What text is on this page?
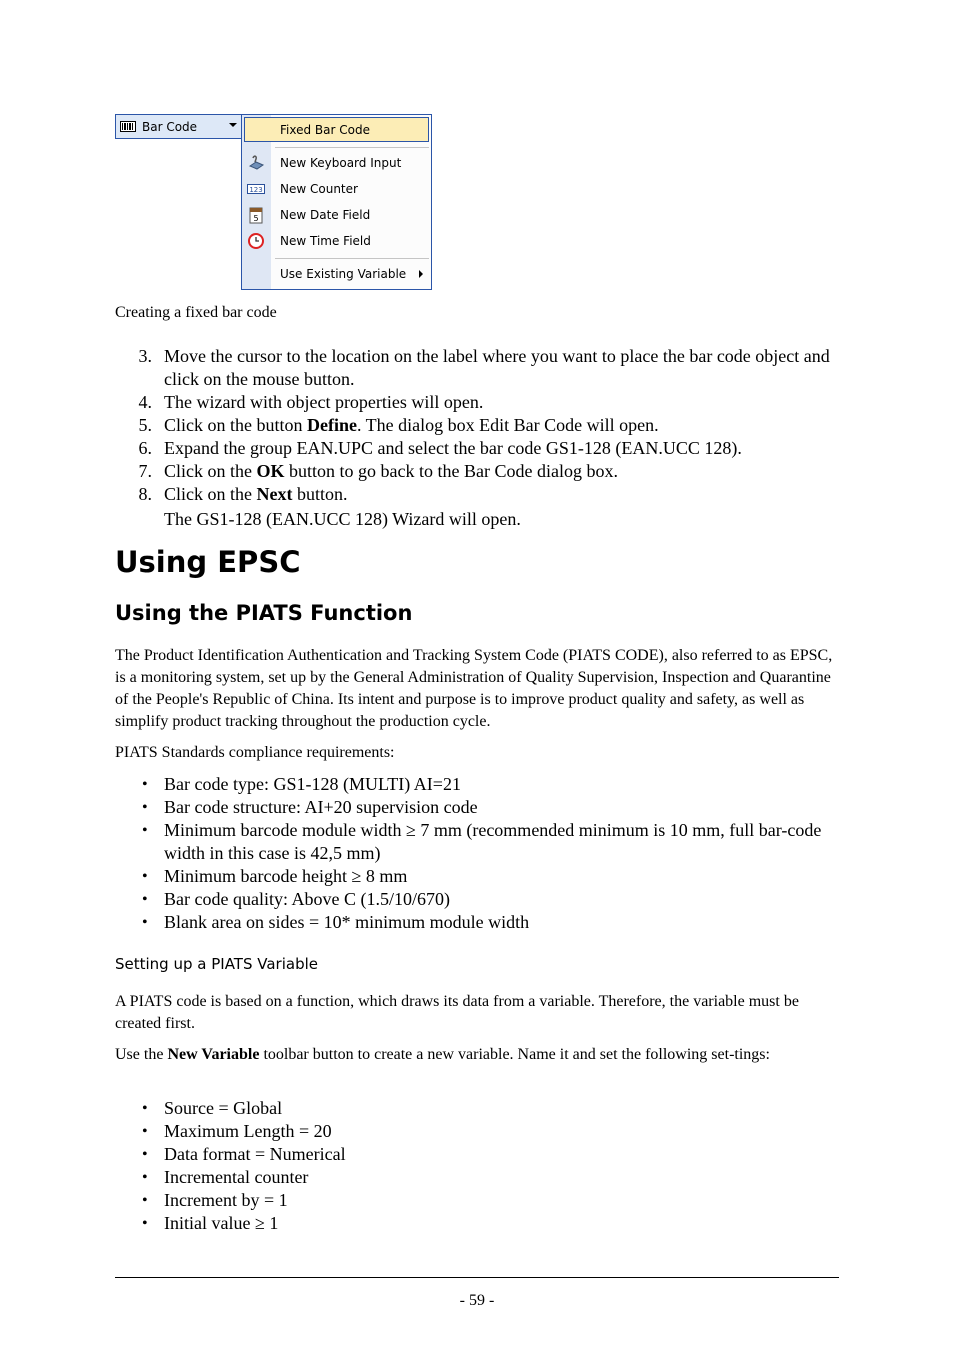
Bar Code	Fixed Bar Code
New Keyboard Input
123 New Counter
5 New Date Field
New Time Field
Use Existing Variable
Creating a fixed bar code
3. Move the cursor to the location on the label where you want to place the bar code object and click on the mouse button.
4. The wizard with object properties will open.
5. Click on the button Define. The dialog box Edit Bar Code will open.
6. Expand the group EAN.UPC and select the bar code GS1-128 (EAN.UCC 128).
7. Click on the OK button to go back to the Bar Code dialog box.
8. Click on the Next button.
The GS1-128 (EAN.UCC 128) Wizard will open.
Using EPSC
Using the PIATS Function

The Product Identification Authentication and Tracking System Code (PIATS CODE), also referred to as EPSC, is a monitoring system, set up by the General Administration of Quality Supervision, Inspection and Quarantine of the People's Republic of China. Its intent and purpose is to improve product quality and safety, as well as simplify product tracking throughout the production cycle.

PIATS Standards compliance requirements:

• Bar code type: GS1-128 (MULTI) AI=21
• Bar code structure: AI+20 supervision code
• Minimum barcode module width ≥ 7 mm (recommended minimum is 10 mm, full bar-code width in this case is 42,5 mm)
• Minimum barcode height ≥ 8 mm
• Bar code quality: Above C (1.5/10/670)
• Blank area on sides = 10* minimum module width
Setting up a PIATS Variable

A PIATS code is based on a function, which draws its data from a variable. Therefore, the variable must be created first.

Use the New Variable toolbar button to create a new variable. Name it and set the following set-tings:

• Source = Global
• Maximum Length = 20
• Data format = Numerical
• Incremental counter
• Increment by = 1
• Initial value ≥ 1
- 59 -
